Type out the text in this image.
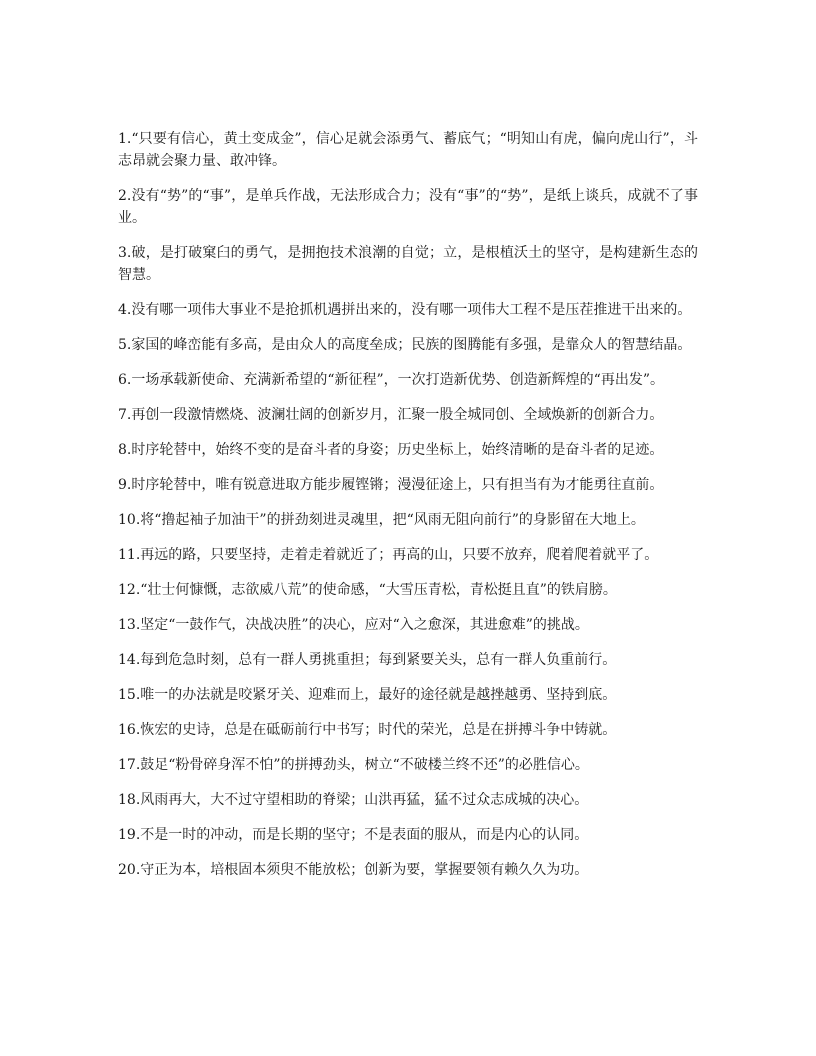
1.“只要有信心，黄土变成金”，信心足就会添勇气、蓄底气；“明知山有虎，偏向虎山行”，斗志昂就会聚力量、敢冲锋。

2.没有“势”的“事”，是单兵作战，无法形成合力；没有“事”的“势”，是纸上谈兵，成就不了事业。

3.破，是打破窠臼的勇气，是拥抱技术浪潮的自觉；立，是根植沃土的坚守，是构建新生态的智慧。

4.没有哪一项伟大事业不是抢抓机遇拼出来的，没有哪一项伟大工程不是压茬推进干出来的。

5.家国的峰峦能有多高，是由众人的高度垒成；民族的图腾能有多强，是靠众人的智慧结晶。

6.一场承载新使命、充满新希望的“新征程”，一次打造新优势、创造新辉煌的“再出发”。

7.再创一段激情燃烧、波澜壮阔的创新岁月，汇聚一股全城同创、全域焕新的创新合力。

8.时序轮替中，始终不变的是奋斗者的身姿；历史坐标上，始终清晰的是奋斗者的足迹。

9.时序轮替中，唯有锐意进取方能步履铿锵；漫漫征途上，只有担当有为才能勇往直前。

10.将“撸起袖子加油干”的拼劲刻进灵魂里，把“风雨无阻向前行”的身影留在大地上。

11.再远的路，只要坚持，走着走着就近了；再高的山，只要不放弃，爬着爬着就平了。

12.“壮士何慷慨，志欲威八荒”的使命感，“大雪压青松，青松挺且直”的铁肩膀。

13.坚定“一鼓作气，决战决胜”的决心，应对“入之愈深，其进愈难”的挑战。

14.每到危急时刻，总有一群人勇挑重担；每到紧要关头，总有一群人负重前行。

15.唯一的办法就是咬紧牙关、迎难而上，最好的途径就是越挫越勇、坚持到底。

16.恢宏的史诗，总是在砥砺前行中书写；时代的荣光，总是在拼搏斗争中铸就。

17.鼓足“粉骨碎身浑不怕”的拼搏劲头，树立“不破楼兰终不还”的必胜信心。

18.风雨再大，大不过守望相助的脊梁；山洪再猛，猛不过众志成城的决心。

19.不是一时的冲动，而是长期的坚守；不是表面的服从，而是内心的认同。

20.守正为本，培根固本须臾不能放松；创新为要，掌握要领有赖久久为功。
